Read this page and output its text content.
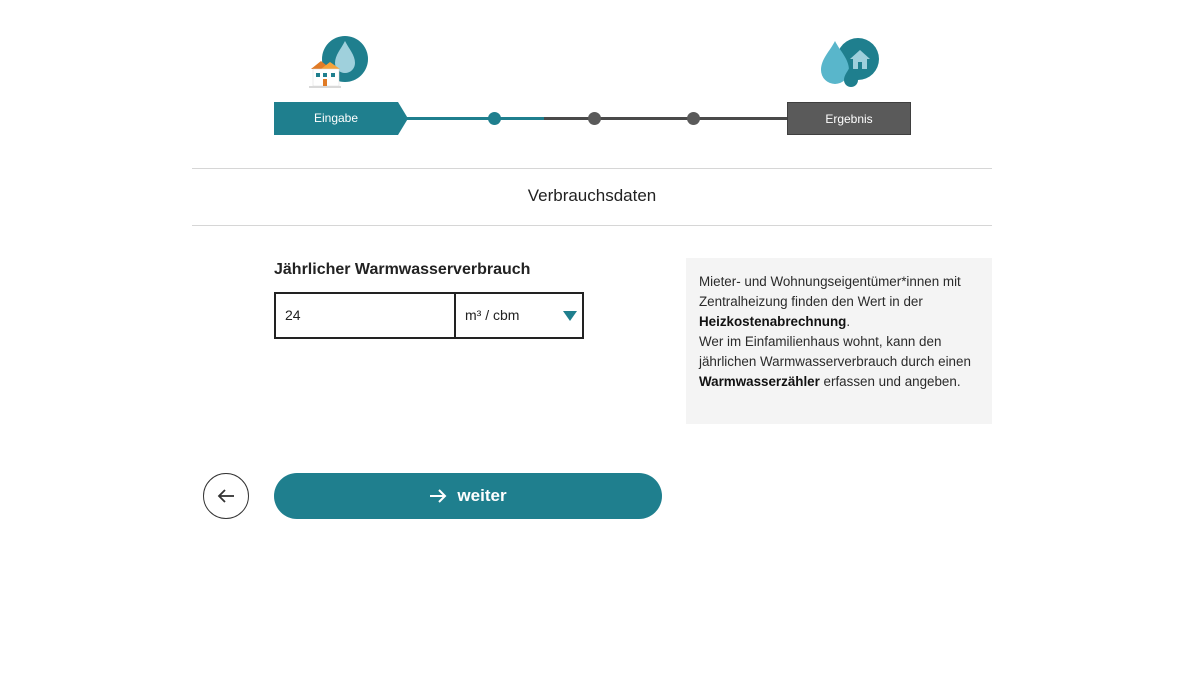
Eingabe	Ergebnis
Verbrauchsdaten
Jährlicher Warmwasserverbrauch
24	m³ / cbm
Mieter- und Wohnungseigentümer*innen mit Zentralheizung finden den Wert in der Heizkostenabrechnung.
Wer im Einfamilienhaus wohnt, kann den jährlichen Warmwasserverbrauch durch einen Warmwasserzähler erfassen und angeben.
weiter
